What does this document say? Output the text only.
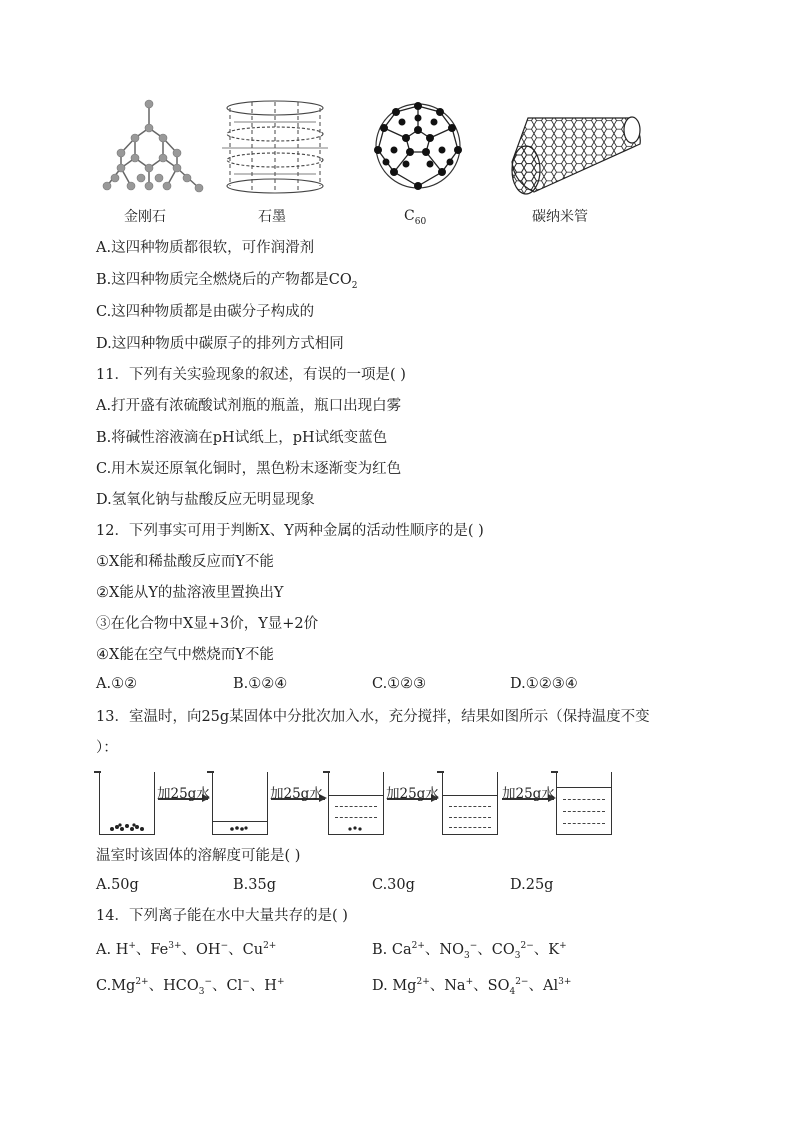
金刚石	石墨	$C_{60}$	碳纳米管
A.这四种物质都很软，可作润滑剂
B.这四种物质完全燃烧后的产物都是$CO_2$
C.这四种物质都是由碳分子构成的
D.这四种物质中碳原子的排列方式相同
11．下列有关实验现象的叙述，有误的一项是( )
A.打开盛有浓硫酸试剂瓶的瓶盖，瓶口出现白雾
B.将碱性溶液滴在pH试纸上，pH试纸变蓝色
C.用木炭还原氧化铜时，黑色粉末逐渐变为红色
D.氢氧化钠与盐酸反应无明显现象
12．下列事实可用于判断X、Y两种金属的活动性顺序的是( )
①X能和稀盐酸反应而Y不能
②X能从Y的盐溶液里置换出Y
③在化合物中X显+3价，Y显+2价
④X能在空气中燃烧而Y不能
A.①②	B.①②④	C.①②③	D.①②③④
13．室温时，向25g某固体中分批次加入水，充分搅拌，结果如图所示（保持温度不变
）：
加25g水	加25g水	加25g水	加25g水
温室时该固体的溶解度可能是( )
A.50g	B.35g	C.30g	D.25g
14．下列离子能在水中大量共存的是( )
A. H+、$Fe^{3+}$、OH−、$Cu^{2+}$	B. $Ca^{2+}$、$NO_3^-$、$CO_3^{2-}$、K+
$C.Mg^{2+}$、$HCO_3^-$、Cl−、H+	D. $Mg^{2+}$、Na+、$SO_4^{2-}$、$Al^{3+}$
